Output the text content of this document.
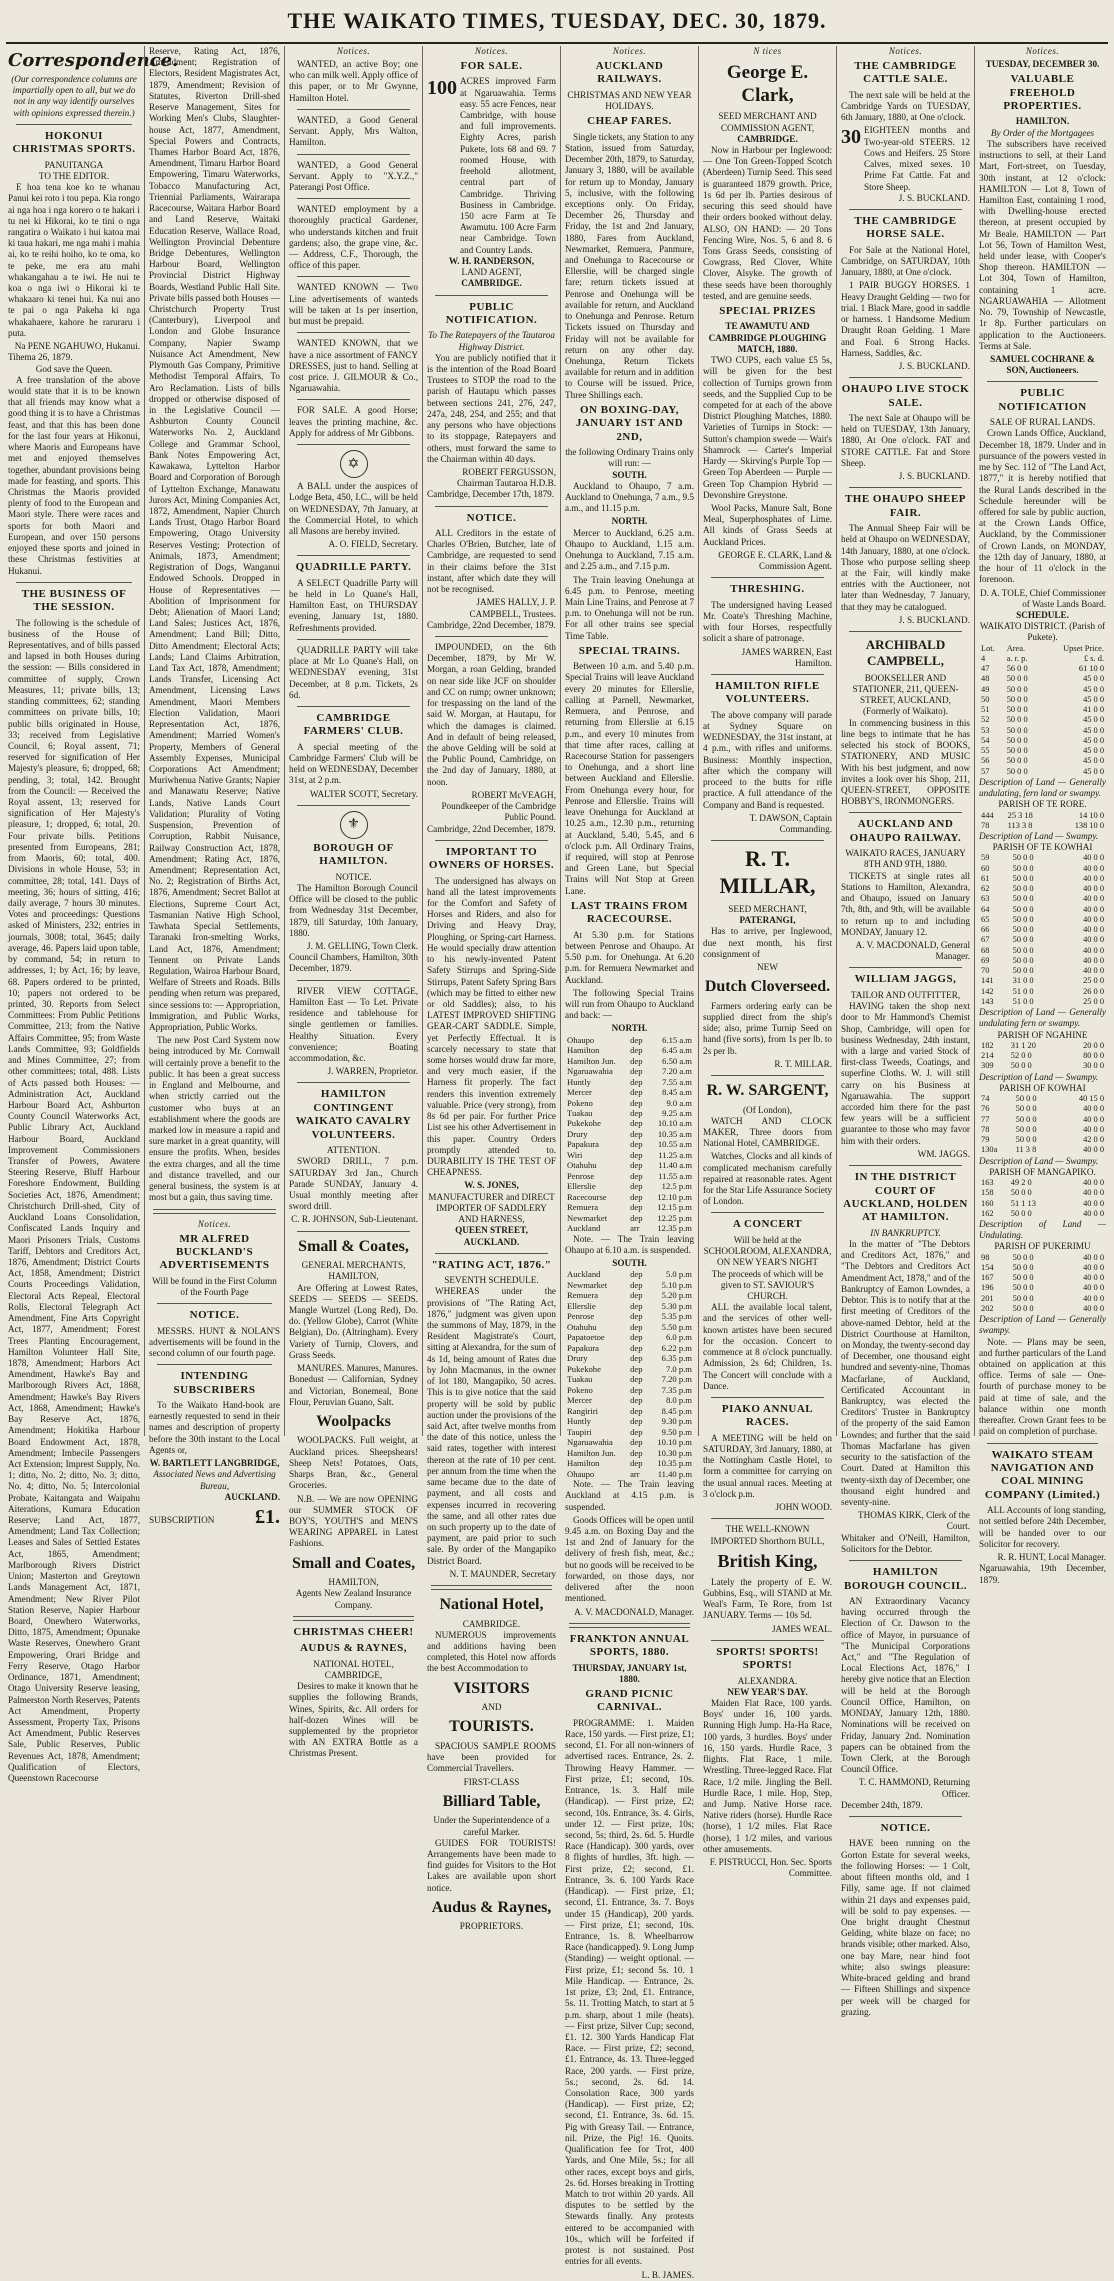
THE WAIKATO TIMES, TUESDAY, DEC. 30, 1879.
Correspondence.

(Our correspondence columns are impartially open to all, but we do not in any way identify ourselves with opinions expressed therein.)

HOKONUI CHRISTMAS SPORTS.
PANUITANGA
TO THE EDITOR.

E hoa tena koe ko te whanau Panui kei roto i tou pepa. Kia rongo ai nga hoa i nga korero o te hakari i tu nei ki Hikorai, ko te tini o nga rangatira o Waikato i hui katoa mai ki taua hakari, me nga mahi i mahia ai, ko te reihi hoiho, ko te oma, ko te peke, me era atu mahi whakangahau a te iwi. He nui te koa o nga iwi o Hikorai ki te whakaaro ki tenei hui. Ka nui ano te pai o nga Pakeha ki nga whakahaere, kahore he raruraru i puta.

Na PENE NGAHUWO, Hukanui.
Tihema 26, 1879.
God save the Queen.

A free translation of the above would state that it is to be known that all friends may know what a good thing it is to have a Christmas feast, and that this has been done for the last four years at Hikonui, where Maoris and Europeans have met and enjoyed themselves together, abundant provisions being made for feasting, and sports. This Christmas the Maoris provided plenty of food to the European and Maori style. There were races and sports for both Maori and European, and over 150 persons enjoyed these sports and joined in these Christmas festivities at Hukanui.

THE BUSINESS OF THE SESSION.

The following is the schedule of business of the House of Representatives, and of bills passed and lapsed in both Houses during the session: — Bills considered in committee of supply, Crown Measures, 11; private bills, 13; standing committees, 62; standing committees on private bills, 10; public bills originated in House, 33; received from Legislative Council, 6; Royal assent, 71; reserved for signification of Her Majesty's pleasure, 6; dropped, 68; pending, 3; total, 142. Brought from the Council: — Received the Royal assent, 13; reserved for signification of Her Majesty's pleasure, 1; dropped, 6; total, 20. Four private bills. Petitions presented from Europeans, 281; from Maoris, 60; total, 400. Divisions in whole House, 53; in committee, 28; total, 141. Days of meeting, 36; hours of sitting, 416; daily average, 7 hours 30 minutes. Votes and proceedings: Questions asked of Ministers, 232; entries in journals, 3008; total, 3645; daily average, 46. Papers laid upon table, by command, 54; in return to addresses, 1; by Act, 16; by leave, 68. Papers ordered to be printed, 10; papers not ordered to be printed, 30. Reports from Select Committees: From Public Petitions Committee, 213; from the Native Affairs Committee, 95; from Waste Lands Committee, 93; Goldfields and Mines Committee, 27; from other committees; total, 488. Lists of Acts passed both Houses: — Administration Act, Auckland Harbour Board Act, Ashburton County Council Waterworks Act, Public Library Act, Auckland Harbour Board, Auckland Improvement Commissioners Transfer of Powers, Awatere Steering Reserve, Bluff Harbour Foreshore Endowment, Building Societies Act, 1876, Amendment; Christchurch Drill-shed, City of Auckland Loans Consolidation, Confiscated Lands Inquiry and Maori Prisoners Trials, Customs Tariff, Debtors and Creditors Act, 1876, Amendment; District Courts Act, 1858, Amendment; District Courts Proceedings Validation, Electoral Acts Repeal, Electoral Rolls, Electoral Telegraph Act Amendment, Fine Arts Copyright Act, 1877, Amendment; Forest Trees Planting Encouragement, Hamilton Volunteer Hall Site, 1878, Amendment; Harbors Act Amendment, Hawke's Bay and Marlborough Rivers Act, 1868, Amendment; Hawke's Bay Rivers Act, 1868, Amendment; Hawke's Bay Reserve Act, 1876, Amendment; Hokitika Harbour Board Endowment Act, 1878, Amendment; Imbecile Passengers Act Extension; Imprest Supply, No. 1; ditto, No. 2; ditto, No. 3; ditto, No. 4; ditto, No. 5; Intercolonial Probate, Kaitangata and Waipahu Aiterations, Kumara Education Reserve; Land Act, 1877, Amendment; Land Tax Collection; Leases and Sales of Settled Estates Act, 1865, Amendment; Marlborough Rivers District Union; Masterton and Greytown Lands Management Act, 1871, Amendment; New River Pilot Station Reserve, Napier Harbour Board, Onewhero Waterworks, Ditto, 1875, Amendment; Opunake Waste Reserves, Onewhero Grant Empowering, Orari Bridge and Ferry Reserve, Otago Harbor Ordinance, 1871, Amendment; Otago University Reserve leasing, Palmerston North Reserves, Patents Act Amendment, Property Assessment, Property Tax, Prisons Act Amendment, Public Reserves Sale, Public Reserves, Public Revenues Act, 1878, Amendment; Qualification of Electors, Queenstown Racecourse

Reserve, Rating Act, 1876, Amendment; Registration of Electors, Resident Magistrates Act, 1879, Amendment; Revision of Statutes, Riverton Drill-shed Reserve Management, Sites for Working Men's Clubs, Slaughter-house Act, 1877, Amendment, Special Powers and Contracts, Thames Harbor Board Act, 1876, Amendment, Timaru Harbor Board Empowering, Timaru Waterworks, Tobacco Manufacturing Act, Triennial Parliaments, Wairarapa Racecourse, Waitara Harbor Board and Land Reserve, Waitaki Education Reserve, Wallace Road, Wellington Provincial Debenture Bridge Debentures, Wellington Harbour Board, Wellington Provincial District Highway Boards, Westland Public Hall Site. Private bills passed both Houses — Christchurch Property Trust (Canterbury), Liverpool and London and Globe Insurance Company, Napier Swamp Nuisance Act Amendment, New Plymouth Gas Company, Primitive Methodist Temporal Affairs, To Aro Reclamation. Lists of bills dropped or otherwise disposed of in the Legislative Council — Ashburton County Council Waterworks No. 2, Auckland College and Grammar School, Bank Notes Empowering Act, Kawakawa, Lyttelton Harbor Board and Corporation of Borough of Lyttelton Exchange, Manawatu Jurors Act, Mining Companies Act, 1872, Amendment, Napier Church Lands Trust, Otago Harbor Board Empowering, Otago University Reserves Vesting; Protection of Animals, 1873, Amendment; Registration of Dogs, Wanganui Endowed Schools. Dropped in House of Representatives — Abolition of Imprisonment for Debt; Alienation of Maori Land; Land Sales; Justices Act, 1876, Amendment; Land Bill; Ditto, Ditto Amendment; Electoral Acts; Lands; Land Claims Arbitration, Land Tax Act, 1878, Amendment; Lands Transfer, Licensing Act Amendment, Licensing Laws Amendment, Maori Members Election Validation, Maori Representation Act, 1876, Amendment; Married Women's Property, Members of General Assembly Expenses, Municipal Corporations Act Amendment; Muriwhenua Native Grants; Napier and Manawatu Reserve; Native Lands, Native Lands Court Validation; Plurality of Voting Suspension, Prevention of Corruption, Rabbit Nuisance, Railway Construction Act, 1878, Amendment; Rating Act, 1876, Amendment; Representation Act, No. 2; Registration of Births Act, 1876, Amendment; Secret Ballot at Elections, Supreme Court Act, Tasmanian Native High School, Tawhata Special Settlements, Taranaki Iron-smelting Works, Land Act, 1876, Amendment; Tennent on Private Lands Regulation, Wairoa Harbour Board, Welfare of Streets and Roads. Bills pending when return was prepared, since sessions to: — Appropriation, Immigration, and Public Works, Appropriation, Public Works.

The new Post Card System now being introduced by Mr. Cornwall will certainly prove a benefit to the public. It has been a great success in England and Melbourne, and when strictly carried out the customer who buys at an establishment where the goods are marked low in measure a rapid and sure market in a great quantity, will ensure the profits. When, besides the extra charges, and all the time and distance travelled, and our general business, the system is at most but a gain, thus saving time.

Notices.
MR ALFRED BUCKLAND'S ADVERTISEMENTS
Will be found in the First Column of the Fourth Page
NOTICE.

MESSRS. HUNT & NOLAN'S advertisements will be found in the second column of our fourth page.

INTENDING SUBSCRIBERS

To the Waikato Hand-book are earnestly requested to send in their names and description of property before the 30th instant to the Local Agents or,

W. BARTLETT LANGBRIDGE,
Associated News and Advertising Bureau,
AUCKLAND.
SUBSCRIPTION £1.
Notices.

WANTED, an active Boy; one who can milk well. Apply office of this paper, or to Mr Gwynne, Hamilton Hotel.

WANTED, a Good General Servant. Apply, Mrs Walton, Hamilton.

WANTED, a Good General Servant. Apply to "X.Y.Z.," Paterangi Post Office.

WANTED employment by a thoroughly practical Gardener, who understands kitchen and fruit gardens; also, the grape vine, &c. — Address, C.F., Thorough, the office of this paper.

WANTED KNOWN — Two Line advertisements of wanteds will be taken at 1s per insertion, but must be prepaid.

WANTED KNOWN, that we have a nice assortment of FANCY DRESSES, just to hand. Selling at cost price. J. GILMOUR & Co., Ngaruawahia.

FOR SALE. A good Horse; leaves the printing machine, &c. Apply for address of Mr Gibbons.

✡

A BALL under the auspices of Lodge Beta, 450, I.C., will be held on WEDNESDAY, 7th January, at the Commercial Hotel, to which all Masons are hereby invited.

A. O. FIELD, Secretary.
QUADRILLE PARTY.

A SELECT Quadrille Party will be held in Lo Quane's Hall, Hamilton East, on THURSDAY evening, January 1st, 1880. Refreshments provided.

QUADRILLE PARTY will take place at Mr Lo Quane's Hall, on WEDNESDAY evening, 31st December, at 8 p.m. Tickets, 2s 6d.

CAMBRIDGE FARMERS' CLUB.

A special meeting of the Cambridge Farmers' Club will be held on WEDNESDAY, December 31st, at 2 p.m.

WALTER SCOTT, Secretary.
⚜
BOROUGH OF HAMILTON.
NOTICE.

The Hamilton Borough Council Office will be closed to the public from Wednesday 31st December, 1879, till Saturday, 10th January, 1880.

J. M. GELLING, Town Clerk.
Council Chambers, Hamilton, 30th December, 1879.

RIVER VIEW COTTAGE, Hamilton East — To Let. Private residence and tablehouse for single gentlemen or families. Healthy Situation. Every convenience; Boating accommodation, &c.

J. WARREN, Proprietor.
HAMILTON CONTINGENT WAIKATO CAVALRY VOLUNTEERS.
ATTENTION.

SWORD DRILL, 7 p.m. SATURDAY 3rd Jan., Church Parade SUNDAY, January 4. Usual monthly meeting after sword drill.

C. R. JOHNSON, Sub-Lieutenant.
Small & Coates,
GENERAL MERCHANTS, HAMILTON,

Are Offering at Lowest Rates, SEEDS — SEEDS — SEEDS. Mangle Wurtzel (Long Red), Do. do. (Yellow Globe), Carrot (White Belgian), Do. (Altringham). Every Variety of Turnip, Clovers, and Grass Seeds.

MANURES. Manures, Manures. Bonedust — Californian, Sydney and Victorian, Bonemeal, Bone Flour, Peruvian Guano, Salt.

Woolpacks

WOOLPACKS. Full weight, at Auckland prices. Sheepshears! Sheep Nets! Potatoes, Oats, Sharps Bran, &c., General Groceries.

N.B. — We are now OPENING our SUMMER STOCK OF BOY'S, YOUTH'S and MEN'S WEARING APPAREL in Latest Fashions.

Small and Coates,
HAMILTON,
Agents New Zealand Insurance Company.
CHRISTMAS CHEER!
AUDUS & RAYNES,
NATIONAL HOTEL, CAMBRIDGE,

Desires to make it known that he supplies the following Brands, Wines, Spirits, &c. All orders for half-dozen Wines will be supplemented by the proprietor with AN EXTRA Bottle as a Christmas Present.

Notices.
FOR SALE.
100 ACRES improved Farm at Ngaruawahia. Terms easy. 55 acre Fences, near Cambridge, with house and full improvements. Eighty Acres, parish Pukete, lots 68 and 69. 7 roomed House, with freehold allotment, central part of Cambridge. Thriving Business in Cambridge. 150 acre Farm at Te Awamutu. 100 Acre Farm near Cambridge. Town and Country Lands.
W. H. RANDERSON,
LAND AGENT,
CAMBRIDGE.
PUBLIC NOTIFICATION.
To The Ratepayers of the Tautaroa Highway District.

You are publicly notified that it is the intention of the Road Board Trustees to STOP the road to the parish of Hautapu which passes between sections 241, 276, 247, 247a, 248, 254, and 255; and that any persons who have objections to its stoppage, Ratepayers and others, must forward the same to the Chairman within 40 days.

ROBERT FERGUSSON, Chairman Tautaroa H.D.B.
Cambridge, December 17th, 1879.
NOTICE.

ALL Creditors in the estate of Charles O'Brien, Butcher, late of Cambridge, are requested to send in their claims before the 31st instant, after which date they will not be recognised.

JAMES HALLY, J. P. CAMPBELL, Trustees.
Cambridge, 22nd December, 1879.

IMPOUNDED, on the 6th December, 1879, by Mr W. Morgan, a roan Gelding, branded on near side like JCF on shoulder and CC on rump; owner unknown; for trespassing on the land of the said W. Morgan, at Hautapu, for which the damages is claimed. And in default of being released, the above Gelding will be sold at the Public Pound, Cambridge, on the 2nd day of January, 1880, at noon.

ROBERT McVEAGH, Poundkeeper of the Cambridge Public Pound.
Cambridge, 22nd December, 1879.
IMPORTANT TO OWNERS OF HORSES.

The undersigned has always on hand all the latest improvements for the Comfort and Safety of Horses and Riders, and also for Driving and Heavy Dray, Ploughing, or Spring-cart Harness. He would specially draw attention to his newly-invented Patent Safety Stirrups and Spring-Side Stirrups, Patent Safety Spring Bars (which may be fitted to either new or old Saddles); also, to his LATEST IMPROVED SHIFTING GEAR-CART SADDLE. Simple, yet Perfectly Effectual. It is scarcely necessary to state that some horses would draw far more, and very much easier, if the Harness fit properly. The fact renders this invention extremely valuable. Price (very strong), from 8s 6d per pair. For further Price List see his other Advertisement in this paper. Country Orders promptly attended to. DURABILITY IS THE TEST OF CHEAPNESS.

W. S. JONES,
MANUFACTURER and DIRECT IMPORTER OF SADDLERY AND HARNESS,
QUEEN STREET, AUCKLAND.
"RATING ACT, 1876."
SEVENTH SCHEDULE.

WHEREAS under the provisions of "The Rating Act, 1876," judgment was given upon the summons of May, 1879, in the Resident Magistrate's Court, sitting at Alexandra, for the sum of 4s 1d, being amount of Rates due by John Macmanus, in the owner of lot 180, Mangapiko, 50 acres. This is to give notice that the said property will be sold by public auction under the provisions of the said Act, after twelve months from the date of this notice, unless the said rates, together with interest thereon at the rate of 10 per cent. per annum from the time when the same became due to the date of payment, and all costs and expenses incurred in recovering the same, and all other rates due on such property up to the date of payment, are paid prior to such sale. By order of the Mangapiko District Board.

N. T. MAUNDER, Secretary
National Hotel,
CAMBRIDGE.

NUMEROUS improvements and additions having been completed, this Hotel now affords the best Accommodation to

VISITORS
AND
TOURISTS.

SPACIOUS SAMPLE ROOMS have been provided for Commercial Travellers.

FIRST-CLASS
Billiard Table,
Under the Superintendence of a careful Marker.

GUIDES FOR TOURISTS! Arrangements have been made to find guides for Visitors to the Hot Lakes are available upon short notice.

Audus & Raynes,
PROPRIETORS.
Notices.
AUCKLAND RAILWAYS.
CHRISTMAS AND NEW YEAR HOLIDAYS.
CHEAP FARES.

Single tickets, any Station to any Station, issued from Saturday, December 20th, 1879, to Saturday, January 3, 1880, will be available for return up to Monday, January 5, inclusive, with the following exceptions only. On Friday, December 26, Thursday and Friday, the 1st and 2nd January, 1880, Fares from Auckland, Newmarket, Remuera, Panmure, and Onehunga to Racecourse or Ellerslie, will be charged single fare; return tickets issued at Penrose and Onehunga will be available for return, and Auckland to Onehunga and Penrose. Return Tickets issued on Thursday and Friday will not be available for return on any other day. Onehunga, Return Tickets available for return and in addition to Course will be issued. Price, Three Shillings each.

ON BOXING-DAY, JANUARY 1ST AND 2ND,
the following Ordinary Trains only will run: —
SOUTH.

Auckland to Ohaupo, 7 a.m. Auckland to Onehunga, 7 a.m., 9.5 a.m., and 11.15 p.m.

NORTH.

Mercer to Auckland, 6.25 a.m. Ohaupo to Auckland, 1.15 a.m. Onehunga to Auckland, 7.15 a.m. and 2.25 a.m., and 7.15 p.m.

The Train leaving Onehunga at 6.45 p.m. to Penrose, meeting Main Line Trains, and Penrose at 7 p.m. to Onehunga will not be run. For all other trains see special Time Table.

SPECIAL TRAINS.

Between 10 a.m. and 5.40 p.m. Special Trains will leave Auckland every 20 minutes for Ellerslie, calling at Parnell, Newmarket, Remuera, and Penrose, and returning from Ellerslie at 6.15 p.m., and every 10 minutes from that time after races, calling at Racecourse Station for passengers to Onehunga, and a short line between Auckland and Ellerslie. From Onehunga every hour, for Penrose and Ellerslie. Trains will leave Onehunga for Auckland at 10.25 a.m., 12.30 p.m., returning at Auckland, 5.40, 5.45, and 6 o'clock p.m. All Ordinary Trains, if required, will stop at Penrose and Green Lane, but Special Trains will Not Stop at Green Lane.

LAST TRAINS FROM RACECOURSE.

At 5.30 p.m. for Stations between Penrose and Ohaupo. At 5.50 p.m. for Onehunga. At 6.20 p.m. for Remuera Newmarket and Auckland.

The following Special Trains will run from Ohaupo to Auckland and back: —

NORTH.
Ohaupo	dep	6.15 a.m
Hamilton	dep	6.45 a.m
Hamilton Jun.	dep	6.50 a.m
Ngaruawahia	dep	7.20 a.m
Huntly	dep	7.55 a.m
Mercer	dep	8.45 a.m
Pokeno	dep	9.0 a.m
Tuakau	dep	9.25 a.m
Pukekohe	dep	10.10 a.m
Drury	dep	10.35 a.m
Papakura	dep	10.55 a.m
Wiri	dep	11.25 a.m
Otahuhu	dep	11.40 a.m
Penrose	dep	11.55 a.m
Ellerslie	dep	12.5 p.m
Racecourse	dep	12.10 p.m
Remuera	dep	12.15 p.m
Newmarket	dep	12.25 p.m
Auckland	arr	12.35 p.m

Note. — The Train leaving Ohaupo at 6.10 a.m. is suspended.

SOUTH.
Auckland	dep	5.0 p.m
Newmarket	dep	5.10 p.m
Remuera	dep	5.20 p.m
Ellerslie	dep	5.30 p.m
Penrose	dep	5.35 p.m
Otahuhu	dep	5.50 p.m
Papatoetoe	dep	6.0 p.m
Papakura	dep	6.22 p.m
Drury	dep	6.35 p.m
Pukekohe	dep	7.0 p.m
Tuakau	dep	7.20 p.m
Pokeno	dep	7.35 p.m
Mercer	dep	8.0 p.m
Rangiriri	dep	8.45 p.m
Huntly	dep	9.30 p.m
Taupiri	dep	9.50 p.m
Ngaruawahia	dep	10.10 p.m
Hamilton Jun.	dep	10.30 p.m
Hamilton	dep	10.35 p.m
Ohaupo	arr	11.40 p.m

Note. — The Train leaving Auckland at 4.15 p.m. is suspended.

Goods Offices will be open until 9.45 a.m. on Boxing Day and the 1st and 2nd of January for the delivery of fresh fish, meat, &c.; but no goods will be received to be forwarded, on those days, nor delivered after the noon mentioned.

A. V. MACDONALD, Manager.
FRANKTON ANNUAL SPORTS, 1880.
THURSDAY, JANUARY 1st, 1880.
GRAND PICNIC CARNIVAL.

PROGRAMME: 1. Maiden Race, 150 yards. — First prize, £1; second, £1. For all non-winners of advertised races. Entrance, 2s. 2. Throwing Heavy Hammer. — First prize, £1; second, 10s. Entrance, 1s. 3. Half mile (Handicap). — First prize, £2; second, 10s. Entrance, 3s. 4. Girls, under 12. — First prize, 10s; second, 5s; third, 2s. 6d. 5. Hurdle Race (Handicap). 300 yards, over 8 flights of hurdles, 3ft. high. — First prize, £2; second, £1. Entrance, 3s. 6. 100 Yards Race (Handicap). — First prize, £1; second, £1. Entrance, 3s. 7. Boys under 15 (Handicap), 200 yards. — First prize, £1; second, 10s. Entrance, 1s. 8. Wheelbarrow Race (handicapped). 9. Long Jump (Standing) — weight optional. — First prize, £1; second 5s. 10. 1 Mile Handicap. — Entrance, 2s. 1st prize, £3; 2nd, £1. Entrance, 5s. 11. Trotting Match, to start at 5 p.m. sharp, about 1 mile (heats). — First prize, Silver Cup; second, £1. 12. 300 Yards Handicap Flat Race. — First prize, £2; second, £1. Entrance, 4s. 13. Three-legged Race, 200 yards. — First prize, 5s.; second, 2s. 6d. 14. Consolation Race, 300 yards (Handicap). — First prize, £2; second, £1. Entrance, 3s. 6d. 15. Pig with Greasy Tail. — Entrance, nil. Prize, the Pig! 16. Quoits. Qualification fee for Trot, 400 Yards, and One Mile, 5s.; for all other races, except boys and girls, 2s. 6d. Horses breaking in Trotting Match to trot within 20 yards. All disputes to be settled by the Stewards finally. Any protests entered to be accompanied with 10s., which will be forfeited if protest is not sustained. Post entries for all events.

L. B. JAMES.
N tices
George E. Clark,
SEED MERCHANT AND COMMISSION AGENT,
CAMBRIDGE.

Now in Harbour per Inglewood: — One Ton Green-Topped Scotch (Aberdeen) Turnip Seed. This seed is guaranteed 1879 growth. Price, 1s 6d per lb. Parties desirous of securing this seed should have their orders booked without delay. ALSO, ON HAND: — 20 Tons Fencing Wire, Nos. 5, 6 and 8. 6 Tons Grass Seeds, consisting of Cowgrass, Red Clover, White Clover, Alsyke. The growth of these seeds have been thoroughly tested, and are genuine seeds.

SPECIAL PRIZES
TE AWAMUTU AND CAMBRIDGE PLOUGHING MATCH, 1880.

TWO CUPS, each value £5 5s, will be given for the best collection of Turnips grown from seeds, and the Supplied Cup to be competed for at each of the above District Ploughing Matches, 1880. Varieties of Turnips in Stock: — Sutton's champion swede — Wait's Shamrock — Carter's Imperial Hardy — Skirving's Purple Top — Green Top Aberdeen — Purple — Green Top Champion Hybrid — Devonshire Greystone.

Wool Packs, Manure Salt, Bone Meal, Superphosphates of Lime. All kinds of Grass Seeds at Auckland Prices.

GEORGE E. CLARK, Land & Commission Agent.
THRESHING.

The undersigned having Leased Mr. Coate's Threshing Machine, with four Horses, respectfully solicit a share of patronage.

JAMES WARREN, East Hamilton.
HAMILTON RIFLE VOLUNTEERS.

The above company will parade at Sydney Square on WEDNESDAY, the 31st instant, at 4 p.m., with rifles and uniforms. Business: Monthly inspection, after which the company will proceed to the butts for rifle practice. A full attendance of the Company and Band is requested.

T. DAWSON, Captain Commanding.
R. T. MILLAR,
SEED MERCHANT,
PATERANGI,

Has to arrive, per Inglewood, due next month, his first consignment of

NEW
Dutch Cloverseed.

Farmers ordering early can be supplied direct from the ship's side; also, prime Turnip Seed on hand (five sorts), from 1s per lb. to 2s per lb.

R. T. MILLAR.
R. W. SARGENT,
(Of London),

WATCH AND CLOCK MAKER, Three doors from National Hotel, CAMBRIDGE.

Watches, Clocks and all kinds of complicated mechanism carefully repaired at reasonable rates. Agent for the Star Life Assurance Society of London.

A CONCERT
Will be held at the SCHOOLROOM, ALEXANDRA, ON NEW YEAR'S NIGHT
The proceeds of which will be given to ST. SAVIOUR'S CHURCH.

ALL the available local talent, and the services of other well-known artistes have been secured for the occasion. Concert to commence at 8 o'clock punctually. Admission, 2s 6d; Children, 1s. The Concert will conclude with a Dance.

PIAKO ANNUAL RACES.

A MEETING will be held on SATURDAY, 3rd January, 1880, at the Nottingham Castle Hotel, to form a committee for carrying on the usual annual races. Meeting at 3 o'clock p.m.

JOHN WOOD.
THE WELL-KNOWN IMPORTED Shorthorn BULL,
British King,

Lately the property of E. W. Gubbins, Esq., will STAND at Mr. Weal's Farm, Te Rore, from 1st JANUARY. Terms — 10s 5d.

JAMES WEAL.
SPORTS! SPORTS! SPORTS!
ALEXANDRA.
NEW YEAR'S DAY.

Maiden Flat Race, 100 yards. Boys' under 16, 100 yards. Running High Jump. Ha-Ha Race, 100 yards, 3 hurdles. Boys' under 16, 150 yards. Hurdle Race, 3 flights. Flat Race, 1 mile. Wrestling. Three-legged Race. Flat Race, 1/2 mile. Jingling the Bell. Hurdle Race, 1 mile. Hop, Step, and Jump. Native Horse race. Native riders (horse). Hurdle Race (horse), 1 1/2 miles. Flat Race (horse), 1 1/2 miles, and various other amusements.

F. PISTRUCCI, Hon. Sec. Sports Committee.
Notices.
THE CAMBRIDGE CATTLE SALE.

The next sale will be held at the Cambridge Yards on TUESDAY, 6th January, 1880, at One o'clock.

30 EIGHTEEN months and Two-year-old STEERS. 12 Cows and Heifers. 25 Store Calves, mixed sexes. 10 Prime Fat Cattle. Fat and Store Sheep.
J. S. BUCKLAND.
THE CAMBRIDGE HORSE SALE.

For Sale at the National Hotel, Cambridge, on SATURDAY, 10th January, 1880, at One o'clock.

1 PAIR BUGGY HORSES. 1 Heavy Draught Gelding — two for trial. 1 Black Mare, good in saddle or harness. 1 Handsome Medium Draught Roan Gelding. 1 Mare and Foal. 6 Strong Hacks. Harness, Saddles, &c.

J. S. BUCKLAND.
OHAUPO LIVE STOCK SALE.

The next Sale at Ohaupo will be held on TUESDAY, 13th January, 1880, At One o'clock. FAT and STORE CATTLE. Fat and Store Sheep.

J. S. BUCKLAND.
THE OHAUPO SHEEP FAIR.

The Annual Sheep Fair will be held at Ohaupo on WEDNESDAY, 14th January, 1880, at one o'clock. Those who purpose selling sheep at the Fair, will kindly make entries with the Auctioneer, not later than Wednesday, 7 January, that they may be catalogued.

J. S. BUCKLAND.
ARCHIBALD CAMPBELL,
BOOKSELLER AND STATIONER, 211, QUEEN-STREET, AUCKLAND, (Formerly of Waikato).

In commencing business in this line begs to intimate that he has selected his stock of BOOKS, STATIONERY, AND MUSIC With his best judgment, and now invites a look over his Shop, 211, QUEEN-STREET, OPPOSITE HOBBY'S, IRONMONGERS.

AUCKLAND AND OHAUPO RAILWAY.
WAIKATO RACES, JANUARY 8TH AND 9TH, 1880.

TICKETS at single rates all Stations to Hamilton, Alexandra, and Ohaupo, issued on January 7th, 8th, and 9th, will be available to return up to and including MONDAY, January 12.

A. V. MACDONALD, General Manager.
WILLIAM JAGGS,
TAILOR AND OUTFITTER,

HAVING taken the shop next door to Mr Hammond's Chemist Shop, Cambridge, will open for business Wednesday, 24th instant, with a large and varied Stock of first-class Tweeds, Coatings, and superfine Cloths. W. J. will still carry on his Business at Ngaruawahia. The support accorded him there for the past few years will be a sufficient guarantee to those who may favor him with their orders.

WM. JAGGS.
IN THE DISTRICT COURT OF AUCKLAND, HOLDEN AT HAMILTON.
IN BANKRUPTCY.

In the matter of "The Debtors and Creditors Act, 1876," and "The Debtors and Creditors Act Amendment Act, 1878," and of the Bankruptcy of Eamon Lowndes, a Debtor. This is to notify that at the first meeting of Creditors of the above-named Debtor, held at the District Courthouse at Hamilton, on Monday, the twenty-second day of December, one thousand eight hundred and seventy-nine, Thomas Macfarlane, of Auckland, Certificated Accountant in Bankruptcy, was elected the Creditors' Trustee in Bankruptcy of the property of the said Eamon Lowndes; and further that the said Thomas Macfarlane has given security to the satisfaction of the Court. Dated at Hamilton this twenty-sixth day of December, one thousand eight hundred and seventy-nine.

THOMAS KIRK, Clerk of the Court.
Whitaker and O'Neill, Hamilton, Solicitors for the Debtor.
HAMILTON BOROUGH COUNCIL.

AN Extraordinary Vacancy having occurred through the Election of Cr. Dawson to the office of Mayor, in pursuance of "The Municipal Corporations Act," and "The Regulation of Local Elections Act, 1876," I hereby give notice that an Election will be held at the Borough Council Office, Hamilton, on MONDAY, January 12th, 1880. Nominations will be received on Friday, January 2nd. Nomination papers can be obtained from the Town Clerk, at the Borough Council Office.

T. C. HAMMOND, Returning Officer.
December 24th, 1879.
NOTICE.

HAVE been running on the Gorton Estate for several weeks, the following Horses: — 1 Colt, about fifteen months old, and 1 Filly, same age. If not claimed within 21 days and expenses paid, will be sold to pay expenses. — One bright draught Chestnut Gelding, white blaze on face; no brands visible; other marked. Also, one bay Mare, near hind foot white; also swings pleasure: White-braced gelding and brand — Fifteen Shillings and sixpence per week will be charged for grazing.

Notices.
TUESDAY, DECEMBER 30.
VALUABLE FREEHOLD PROPERTIES.
HAMILTON.
By Order of the Mortgagees

The subscribers have received instructions to sell, at their Land Mart, Fort-street, on Tuesday, 30th instant, at 12 o'clock: HAMILTON — Lot 8, Town of Hamilton East, containing 1 rood, with Dwelling-house erected thereon, at present occupied by Mr Beale. HAMILTON — Part Lot 56, Town of Hamilton West, held under lease, with Cooper's Shop thereon. HAMILTON — Lot 304, Town of Hamilton, containing 1 acre. NGARUAWAHIA — Allotment No. 79, Township of Newcastle, 1r 8p. Further particulars on application to the Auctioneers. Terms at Sale.

SAMUEL COCHRANE & SON, Auctioneers.
PUBLIC NOTIFICATION
SALE OF RURAL LANDS.

Crown Lands Office, Auckland, December 18, 1879. Under and in pursuance of the powers vested in me by Sec. 112 of "The Land Act, 1877," it is hereby notified that the Rural Lands described in the Schedule hereunder will be offered for sale by public auction, at the Crown Lands Office, Auckland, by the Commissioner of Crown Lands, on MONDAY, the 12th day of January, 1880, at the hour of 11 o'clock in the forenoon.

D. A. TOLE, Chief Commissioner of Waste Lands Board.
SCHEDULE.
WAIKATO DISTRICT. (Parish of Pukete).
Lot.	Area.	Upset Price.
4	a. r. p.	£ s. d.
47	56 0 0	61 10 0
48	50 0 0	45 0 0
49	50 0 0	45 0 0
50	50 0 0	45 0 0
51	50 0 0	41 0 0
52	50 0 0	45 0 0
53	50 0 0	45 0 0
54	50 0 0	45 0 0
55	50 0 0	45 0 0
56	50 0 0	45 0 0
57	50 0 0	45 0 0
Description of Land — Generally undulating, fern land or swampy.
PARISH OF TE RORE.
444	25 3 18	14 10 0
78	113 3 8	138 10 0
Description of Land — Swampy.
PARISH OF TE KOWHAI
59	50 0 0	40 0 0
60	50 0 0	40 0 0
61	50 0 0	40 0 0
62	50 0 0	40 0 0
63	50 0 0	40 0 0
64	50 0 0	40 0 0
65	50 0 0	40 0 0
66	50 0 0	40 0 0
67	50 0 0	40 0 0
68	50 0 0	40 0 0
69	50 0 0	40 0 0
70	50 0 0	40 0 0
141	31 0 0	25 0 0
142	51 0 0	26 0 0
143	51 0 0	25 0 0
Description of Land — Generally undulating fern or swampy.
PARISH OF NGAHINE
182	31 1 20	20 0 0
214	52 0 0	80 0 0
309	50 0 0	30 0 0
Description of Land — Swampy.
PARISH OF KOWHAI
74	50 0 0	40 15 0
76	50 0 0	40 0 0
77	50 0 0	40 0 0
78	50 0 0	40 0 0
79	50 0 0	42 0 0
130a	11 3 8	40 0 0
Description of Land — Swampy.
PARISH OF MANGAPIKO.
163	49 2 0	40 0 0
158	50 0 0	40 0 0
160	51 1 13	40 0 0
162	50 0 0	40 0 0
Description of Land — Undulating.
PARISH OF PUKERIMU
98	50 0 0	40 0 0
154	50 0 0	40 0 0
167	50 0 0	40 0 0
196	50 0 0	40 0 0
201	50 0 0	40 0 0
202	50 0 0	40 0 0
Description of Land — Generally swampy.

Note. — Plans may be seen, and further particulars of the Land obtained on application at this office. Terms of sale — One-fourth of purchase money to be paid at time of sale, and the balance within one month thereafter. Crown Grant fees to be paid on completion of purchase.

WAIKATO STEAM NAVIGATION AND COAL MINING COMPANY (Limited.)

ALL Accounts of long standing, not settled before 24th December, will be handed over to our Solicitor for recovery.

R. R. HUNT, Local Manager.
Ngaruawahia, 19th December, 1879.
